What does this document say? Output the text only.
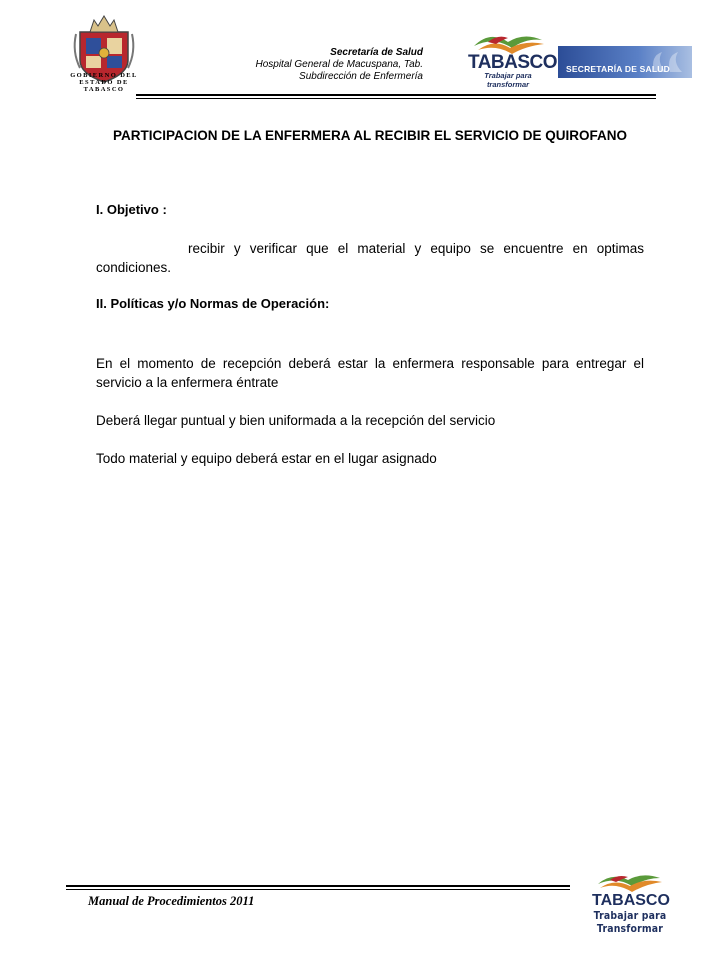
GOBIERNO DEL
ESTADO DE
TABASCO
Secretaría de Salud
Hospital General de Macuspana, Tab.
Subdirección de Enfermería
TABASCO
Trabajar para transformar
SECRETARÍA DE SALUD
PARTICIPACION DE LA ENFERMERA AL RECIBIR EL SERVICIO DE QUIROFANO
I. Objetivo :
recibir y verificar que el material y equipo se encuentre en optimas condiciones.
II. Políticas y/o Normas de Operación:
En el momento de recepción deberá estar la enfermera responsable para entregar el servicio a la enfermera éntrate
Deberá llegar puntual y bien uniformada a la recepción del servicio
Todo material y equipo deberá estar en el lugar asignado
Manual de Procedimientos 2011	TABASCO
Trabajar para Transformar
